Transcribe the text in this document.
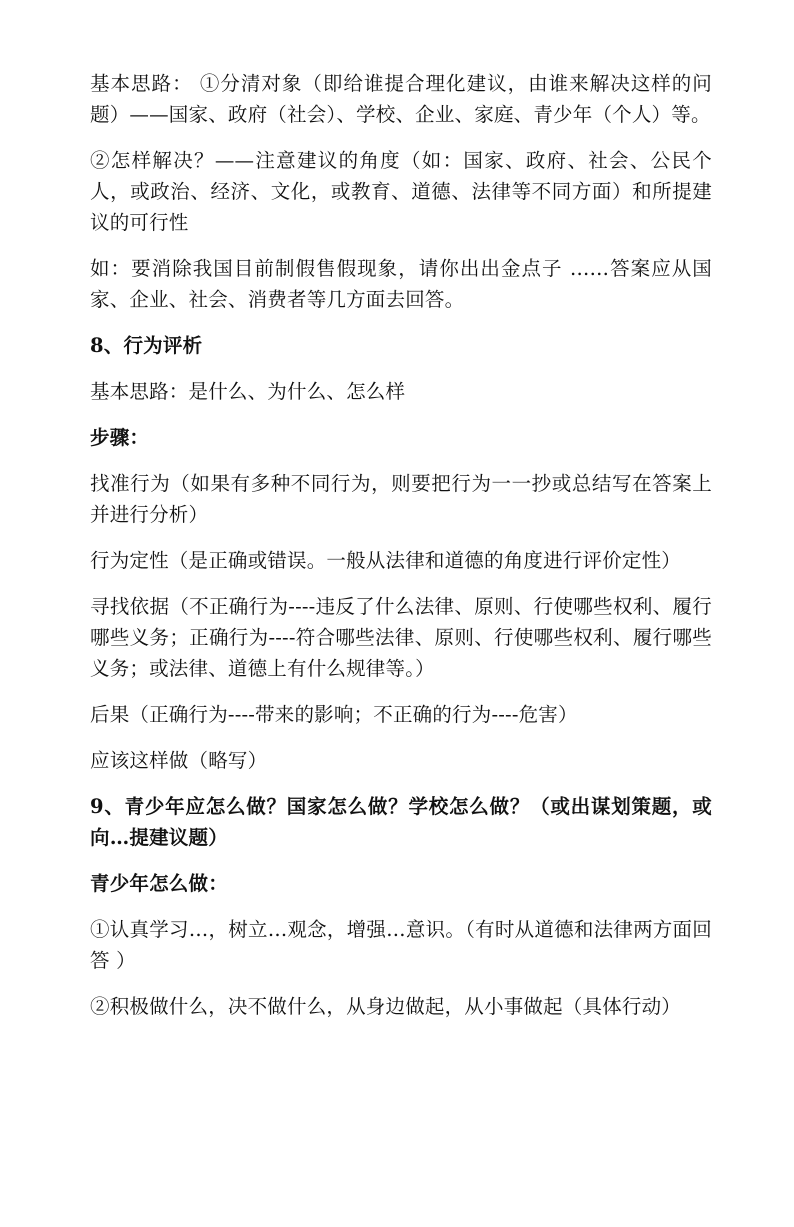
基本思路： ①分清对象（即给谁提合理化建议，由谁来解决这样的问题）——国家、政府（社会）、学校、企业、家庭、青少年（个人）等。

②怎样解决？——注意建议的角度（如：国家、政府、社会、公民个人，或政治、经济、文化，或教育、道德、法律等不同方面）和所提建议的可行性

如：要消除我国目前制假售假现象，请你出出金点子 ……答案应从国家、企业、社会、消费者等几方面去回答。

8、行为评析

基本思路：是什么、为什么、怎么样

步骤：

找准行为（如果有多种不同行为，则要把行为一一抄或总结写在答案上并进行分析）

行为定性（是正确或错误。一般从法律和道德的角度进行评价定性）

寻找依据（不正确行为----违反了什么法律、原则、行使哪些权利、履行哪些义务；正确行为----符合哪些法律、原则、行使哪些权利、履行哪些义务；或法律、道德上有什么规律等。）

后果（正确行为----带来的影响；不正确的行为----危害）

应该这样做（略写）

9、青少年应怎么做？国家怎么做？学校怎么做？（或出谋划策题，或向…提建议题）

青少年怎么做：

①认真学习…，树立…观念，增强…意识。（有时从道德和法律两方面回答 ）

②积极做什么，决不做什么，从身边做起，从小事做起（具体行动）
